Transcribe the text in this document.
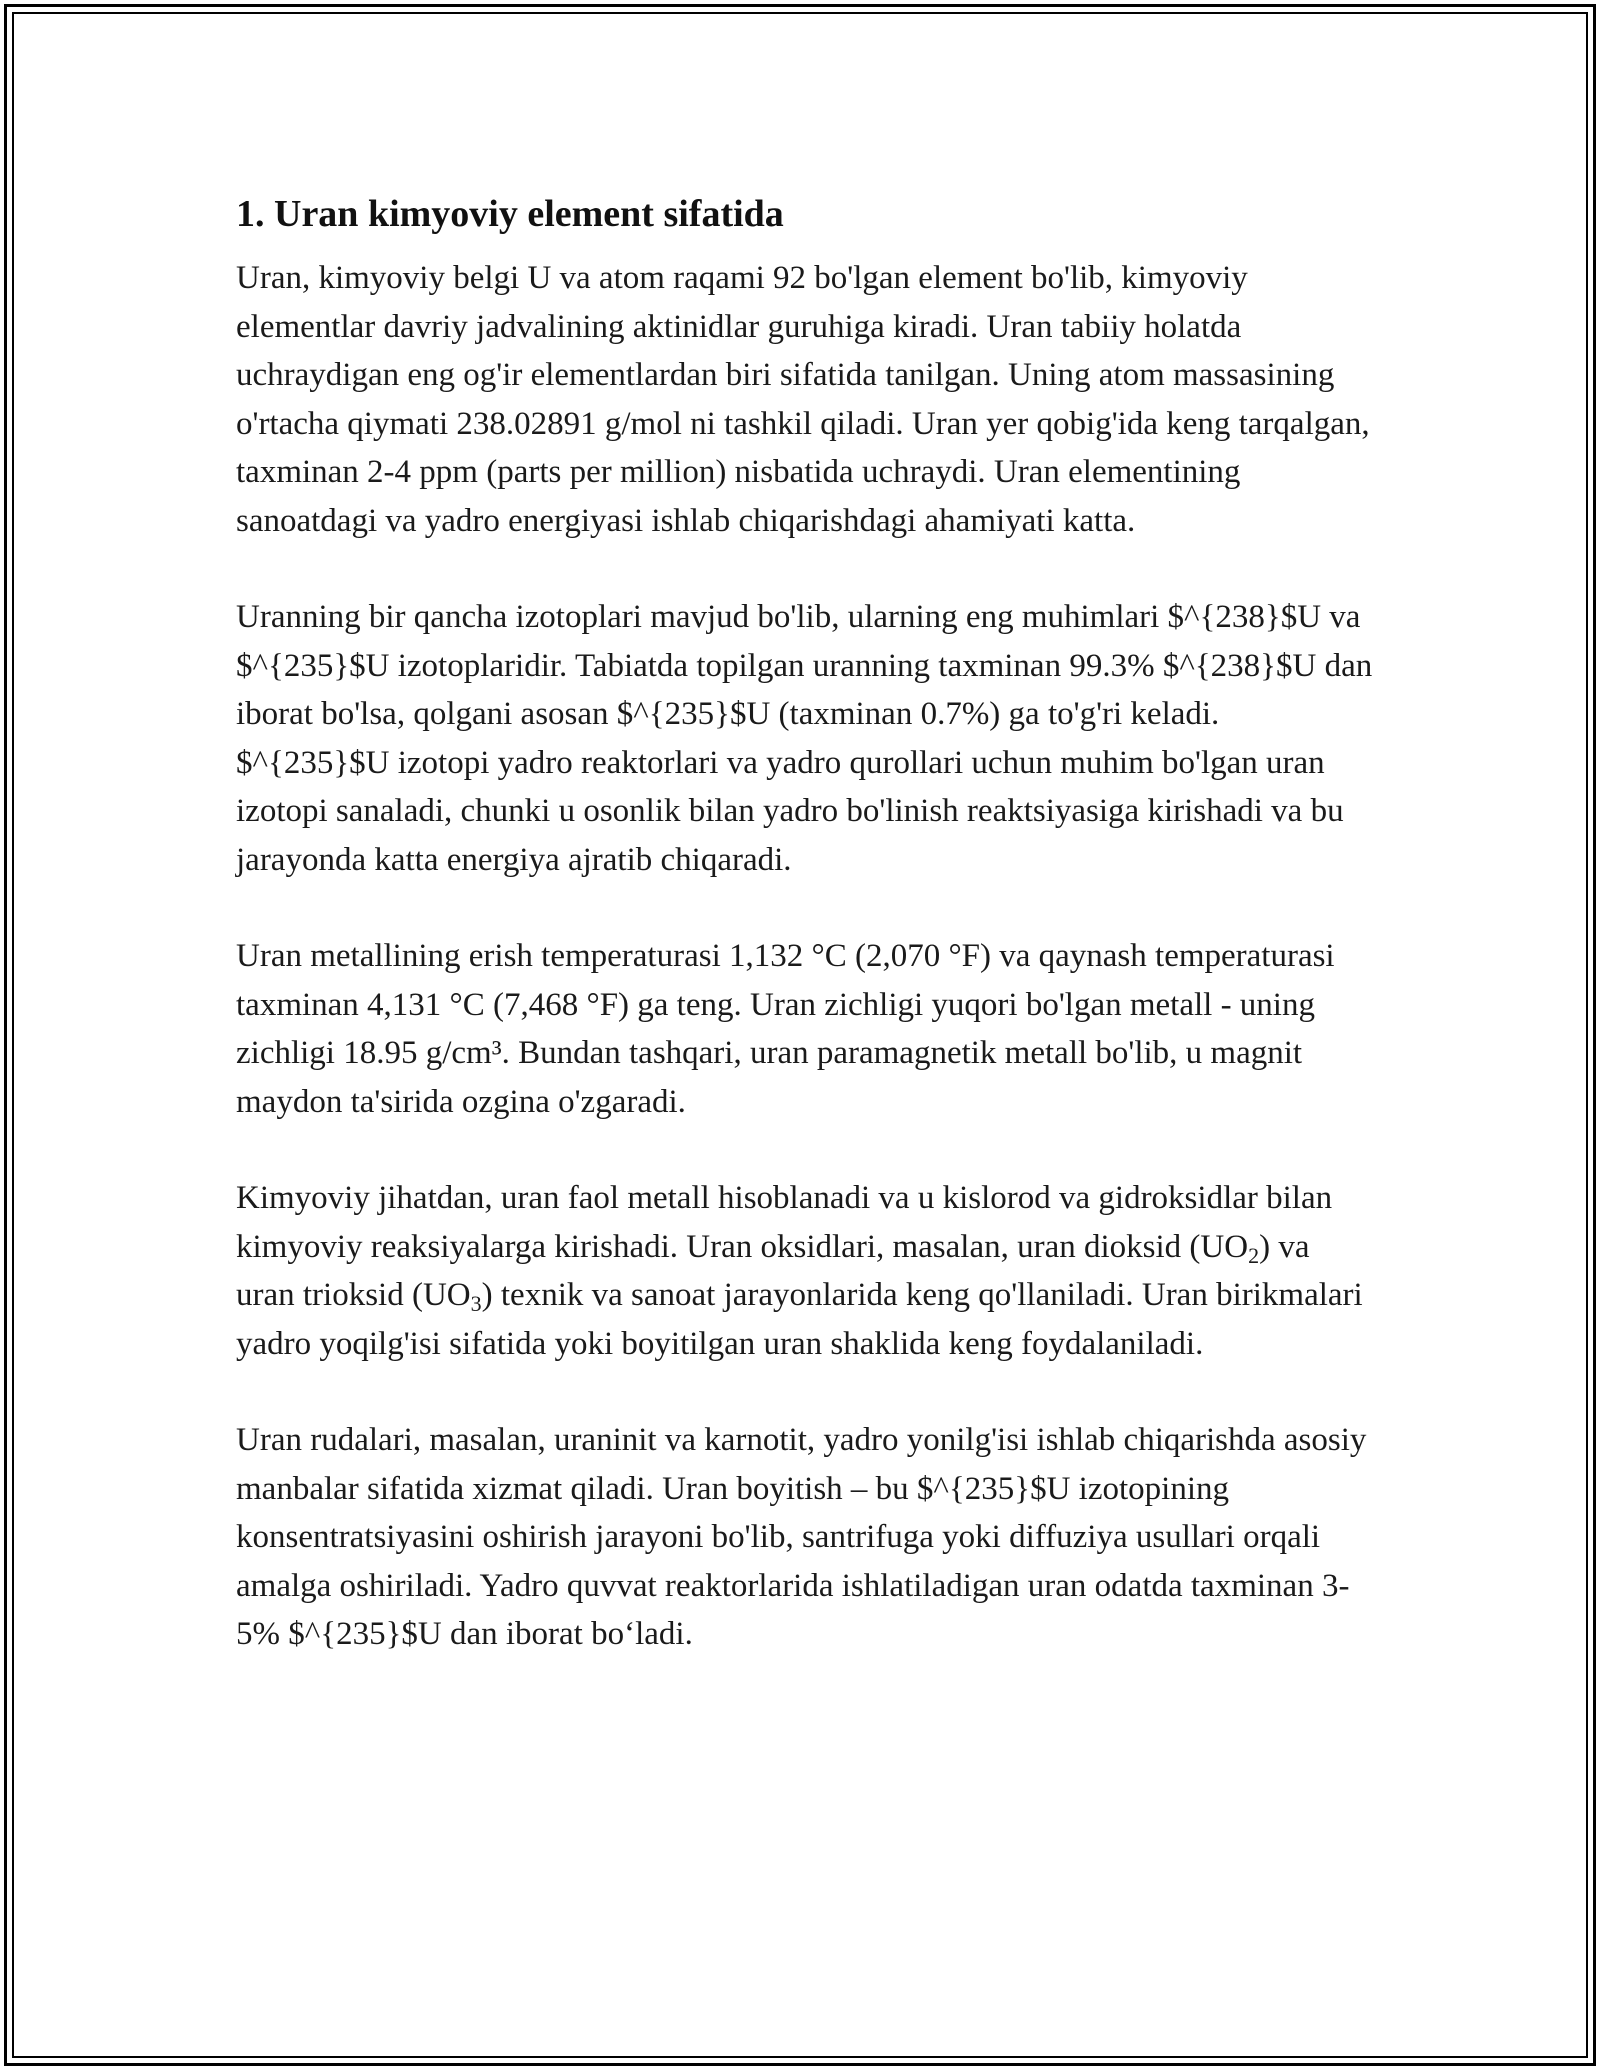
1. Uran kimyoviy element sifatida

Uran, kimyoviy belgi U va atom raqami 92 bo'lgan element bo'lib, kimyoviy elementlar davriy jadvalining aktinidlar guruhiga kiradi. Uran tabiiy holatda uchraydigan eng og'ir elementlardan biri sifatida tanilgan. Uning atom massasining o'rtacha qiymati 238.02891 g/mol ni tashkil qiladi. Uran yer qobig'ida keng tarqalgan, taxminan 2-4 ppm (parts per million) nisbatida uchraydi. Uran elementining sanoatdagi va yadro energiyasi ishlab chiqarishdagi ahamiyati katta.

Uranning bir qancha izotoplari mavjud bo'lib, ularning eng muhimlari $^{238}$U va $^{235}$U izotoplaridir. Tabiatda topilgan uranning taxminan 99.3% $^{238}$U dan iborat bo'lsa, qolgani asosan $^{235}$U (taxminan 0.7%) ga to'g'ri keladi. $^{235}$U izotopi yadro reaktorlari va yadro qurollari uchun muhim bo'lgan uran izotopi sanaladi, chunki u osonlik bilan yadro bo'linish reaktsiyasiga kirishadi va bu jarayonda katta energiya ajratib chiqaradi.

Uran metallining erish temperaturasi 1,132 °C (2,070 °F) va qaynash temperaturasi taxminan 4,131 °C (7,468 °F) ga teng. Uran zichligi yuqori bo'lgan metall - uning zichligi 18.95 g/cm³. Bundan tashqari, uran paramagnetik metall bo'lib, u magnit maydon ta'sirida ozgina o'zgaradi.

Kimyoviy jihatdan, uran faol metall hisoblanadi va u kislorod va gidroksidlar bilan kimyoviy reaksiyalarga kirishadi. Uran oksidlari, masalan, uran dioksid $(UO_2)$ va uran trioksid $(UO_3)$ texnik va sanoat jarayonlarida keng qo'llaniladi. Uran birikmalari yadro yoqilg'isi sifatida yoki boyitilgan uran shaklida keng foydalaniladi.

Uran rudalari, masalan, uraninit va karnotit, yadro yonilg'isi ishlab chiqarishda asosiy manbalar sifatida xizmat qiladi. Uran boyitish – bu $^{235}$U izotopining konsentratsiyasini oshirish jarayoni bo'lib, santrifuga yoki diffuziya usullari orqali amalga oshiriladi. Yadro quvvat reaktorlarida ishlatiladigan uran odatda taxminan 3-5% $^{235}$U dan iborat bo‘ladi.
